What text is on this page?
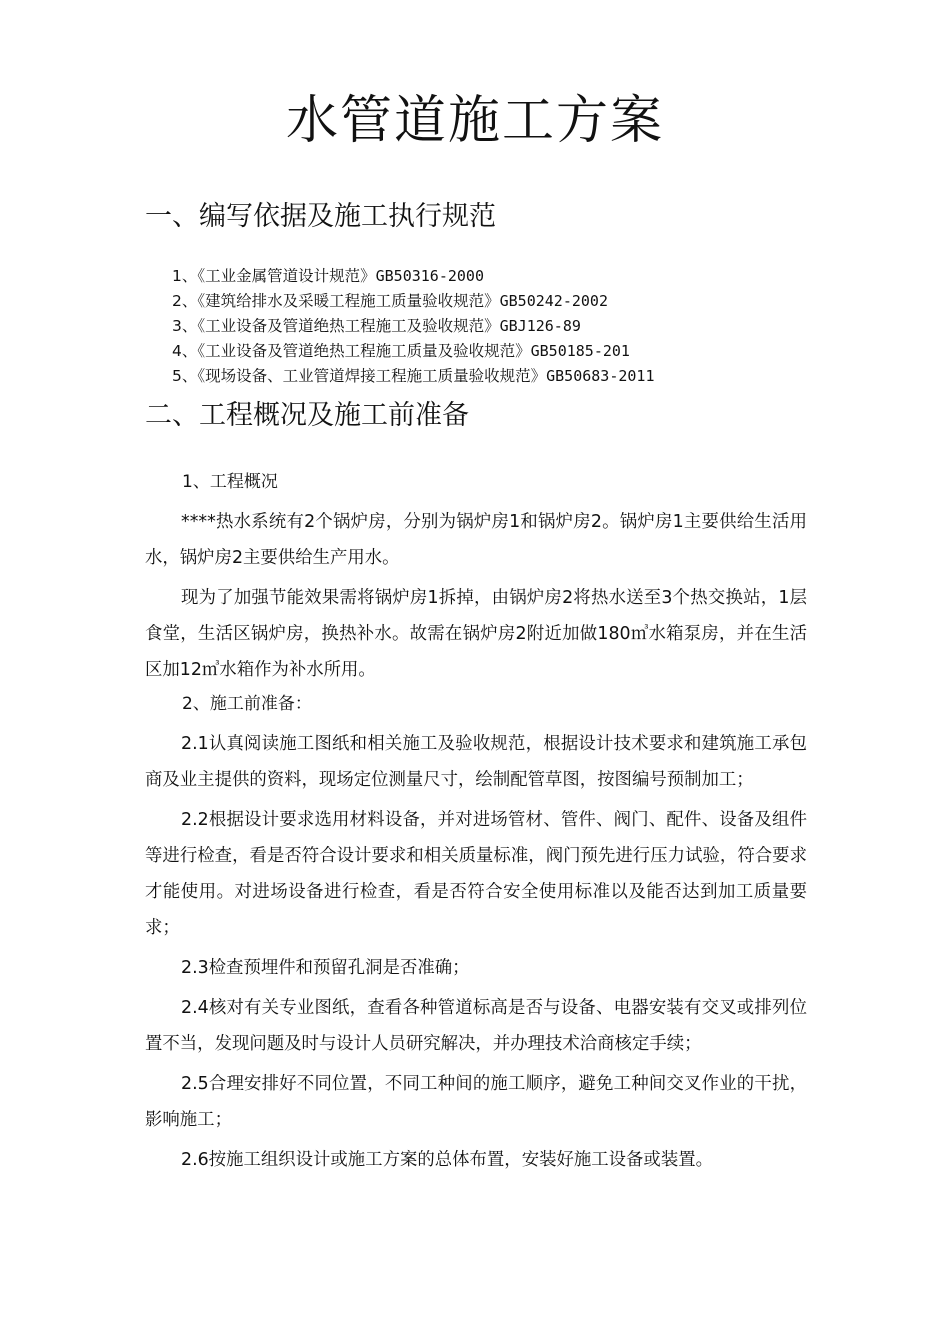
水管道施工方案
一、编写依据及施工执行规范
1、《工业金属管道设计规范》GB50316-2000
2、《建筑给排水及采暖工程施工质量验收规范》GB50242-2002
3、《工业设备及管道绝热工程施工及验收规范》GBJ126-89
4、《工业设备及管道绝热工程施工质量及验收规范》GB50185-201
5、《现场设备、工业管道焊接工程施工质量验收规范》GB50683-2011
二、工程概况及施工前准备
1、工程概况

****热水系统有2个锅炉房，分别为锅炉房1和锅炉房2。锅炉房1主要供给生活用水，锅炉房2主要供给生产用水。

现为了加强节能效果需将锅炉房1拆掉，由锅炉房2将热水送至3个热交换站，1层食堂，生活区锅炉房，换热补水。故需在锅炉房2附近加做180㎥水箱泵房，并在生活区加12㎥水箱作为补水所用。

2、施工前准备：

2.1认真阅读施工图纸和相关施工及验收规范，根据设计技术要求和建筑施工承包商及业主提供的资料，现场定位测量尺寸，绘制配管草图，按图编号预制加工；

2.2根据设计要求选用材料设备，并对进场管材、管件、阀门、配件、设备及组件等进行检查，看是否符合设计要求和相关质量标准，阀门预先进行压力试验，符合要求才能使用。对进场设备进行检查，看是否符合安全使用标准以及能否达到加工质量要求；

2.3检查预埋件和预留孔洞是否准确；

2.4核对有关专业图纸，查看各种管道标高是否与设备、电器安装有交叉或排列位置不当，发现问题及时与设计人员研究解决，并办理技术洽商核定手续；

2.5合理安排好不同位置，不同工种间的施工顺序，避免工种间交叉作业的干扰，影响施工；

2.6按施工组织设计或施工方案的总体布置，安装好施工设备或装置。
